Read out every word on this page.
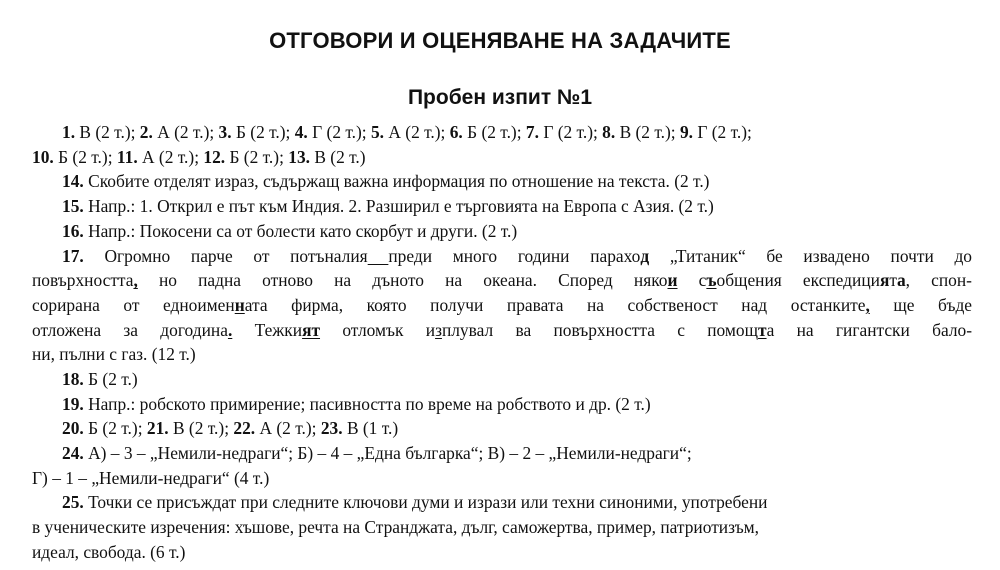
ОТГОВОРИ И ОЦЕНЯВАНЕ НА ЗАДАЧИТЕ
Пробен изпит №1
1. В (2 т.); 2. А (2 т.); 3. Б (2 т.); 4. Г (2 т.); 5. А (2 т.); 6. Б (2 т.); 7. Г (2 т.); 8. В (2 т.); 9. Г (2 т.);
10. Б (2 т.); 11. А (2 т.); 12. Б (2 т.); 13. В (2 т.)
14. Скобите отделят израз, съдържащ важна информация по отношение на текста. (2 т.)
15. Напр.: 1. Открил е път към Индия. 2. Разширил е търговията на Европа с Азия. (2 т.)
16. Напр.: Покосени са от болести като скорбут и други. (2 т.)
17. Огромно парче от потъналия преди много години параход „Титаник“ бе извадено почти до
повърхността, но падна отново на дъното на океана. Според някои съобщения експедицията, спон-
сорирана от едноименната фирма, която получи правата на собственост над останките, ще бъде
отложена за догодина. Тежкият отломък изплувал ва повърхността с помощта на гигантски бало-
ни, пълни с газ. (12 т.)
18. Б (2 т.)
19. Напр.: робското примирение; пасивността по време на робството и др. (2 т.)
20. Б (2 т.); 21. В (2 т.); 22. А (2 т.); 23. В (1 т.)
24. А) – 3 – „Немили-недраги“; Б) – 4 – „Една българка“; В) – 2 – „Немили-недраги“;
Г) – 1 – „Немили-недраги“ (4 т.)
25. Точки се присъждат при следните ключови думи и изрази или техни синоними, употребени
в ученическите изречения: хъшове, речта на Странджата, дълг, саможертва, пример, патриотизъм,
идеал, свобода. (6 т.)
